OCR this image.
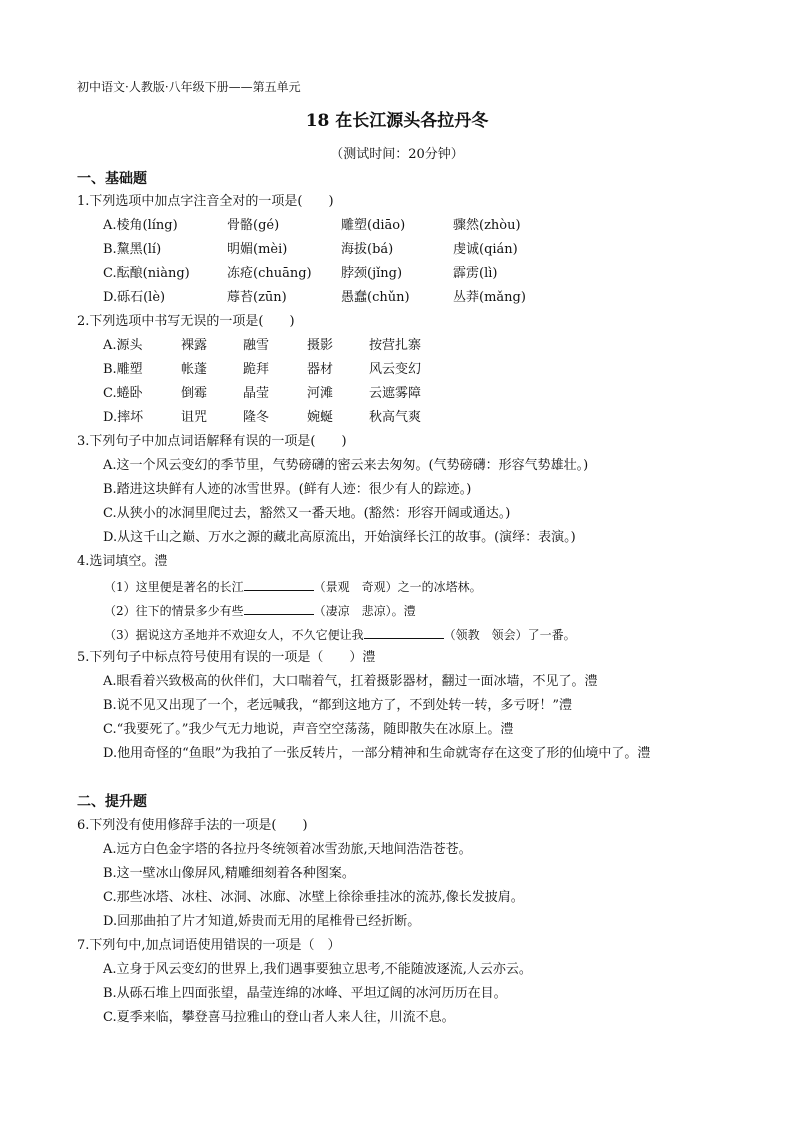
初中语文·人教版·八年级下册——第五单元
18 在长江源头各拉丹冬
（测试时间：20分钟）
一、基础题
1.下列选项中加点字注音全对的一项是(　　)
A.棱角(líng)	骨骼(gé)	雕塑(diāo)	骤然(zhòu)
B.黧黑(lí)	明媚(mèi)	海拔(bá)	虔诚(qián)
C.酝酿(niàng)	冻疮(chuāng) 脖颈(jǐng)	霹雳(lì)
D.砾石(lè)	蓐苔(zūn)	愚蠢(chǔn)	丛莽(mǎng)
2.下列选项中书写无误的一项是(　　)
A.源头	裸露	融雪	摄影	按营扎寨
B.雕塑	帐蓬	跪拜	器材	风云变幻
C.蜷卧	倒霉	晶莹	河滩	云遮雾障
D.摔坏	诅咒	隆冬	婉蜒	秋高气爽
3.下列句子中加点词语解释有误的一项是(　　)
A.这一个风云变幻的季节里，气势磅礴的密云来去匆匆。(气势磅礴：形容气势雄壮。)
B.踏进这块鲜有人迹的冰雪世界。(鲜有人迹：很少有人的踪迹。)
C.从狭小的冰洞里爬过去，豁然又一番天地。(豁然：形容开阔或通达。)
D.从这千山之巅、万水之源的藏北高原流出，开始演绎长江的故事。(演绎：表演。)
4.选词填空。澧
（1）这里便是著名的长江	（景观　奇观）之一的冰塔林。
（2）往下的情景多少有些	（凄凉　悲凉）。澧
（3）据说这方圣地并不欢迎女人，不久它便让我	（领教　领会）了一番。
5.下列句子中标点符号使用有误的一项是（　　）澧
A.眼看着兴致极高的伙伴们，大口喘着气，扛着摄影器材，翻过一面冰墙，不见了。澧
B.说不见又出现了一个，老远喊我，“都到这地方了，不到处转一转，多亏呀！”澧
C.“我要死了。”我少气无力地说，声音空空荡荡，随即散失在冰原上。澧
D.他用奇怪的“鱼眼”为我拍了一张反转片，一部分精神和生命就寄存在这变了形的仙境中了。澧
二、提升题
6.下列没有使用修辞手法的一项是(　　)
A.远方白色金字塔的各拉丹冬统领着冰雪劲旅,天地间浩浩苍苍。
B.这一壁冰山像屏风,精雕细刻着各种图案。
C.那些冰塔、冰柱、冰洞、冰廊、冰壁上徐徐垂挂冰的流苏,像长发披肩。
D.回那曲拍了片才知道,娇贵而无用的尾椎骨已经折断。
7.下列句中,加点词语使用错误的一项是（　）
A.立身于风云变幻的世界上,我们遇事要独立思考,不能随波逐流,人云亦云。
B.从砾石堆上四面张望，晶莹连绵的冰峰、平坦辽阔的冰河历历在目。
C.夏季来临，攀登喜马拉雅山的登山者人来人往，川流不息。
